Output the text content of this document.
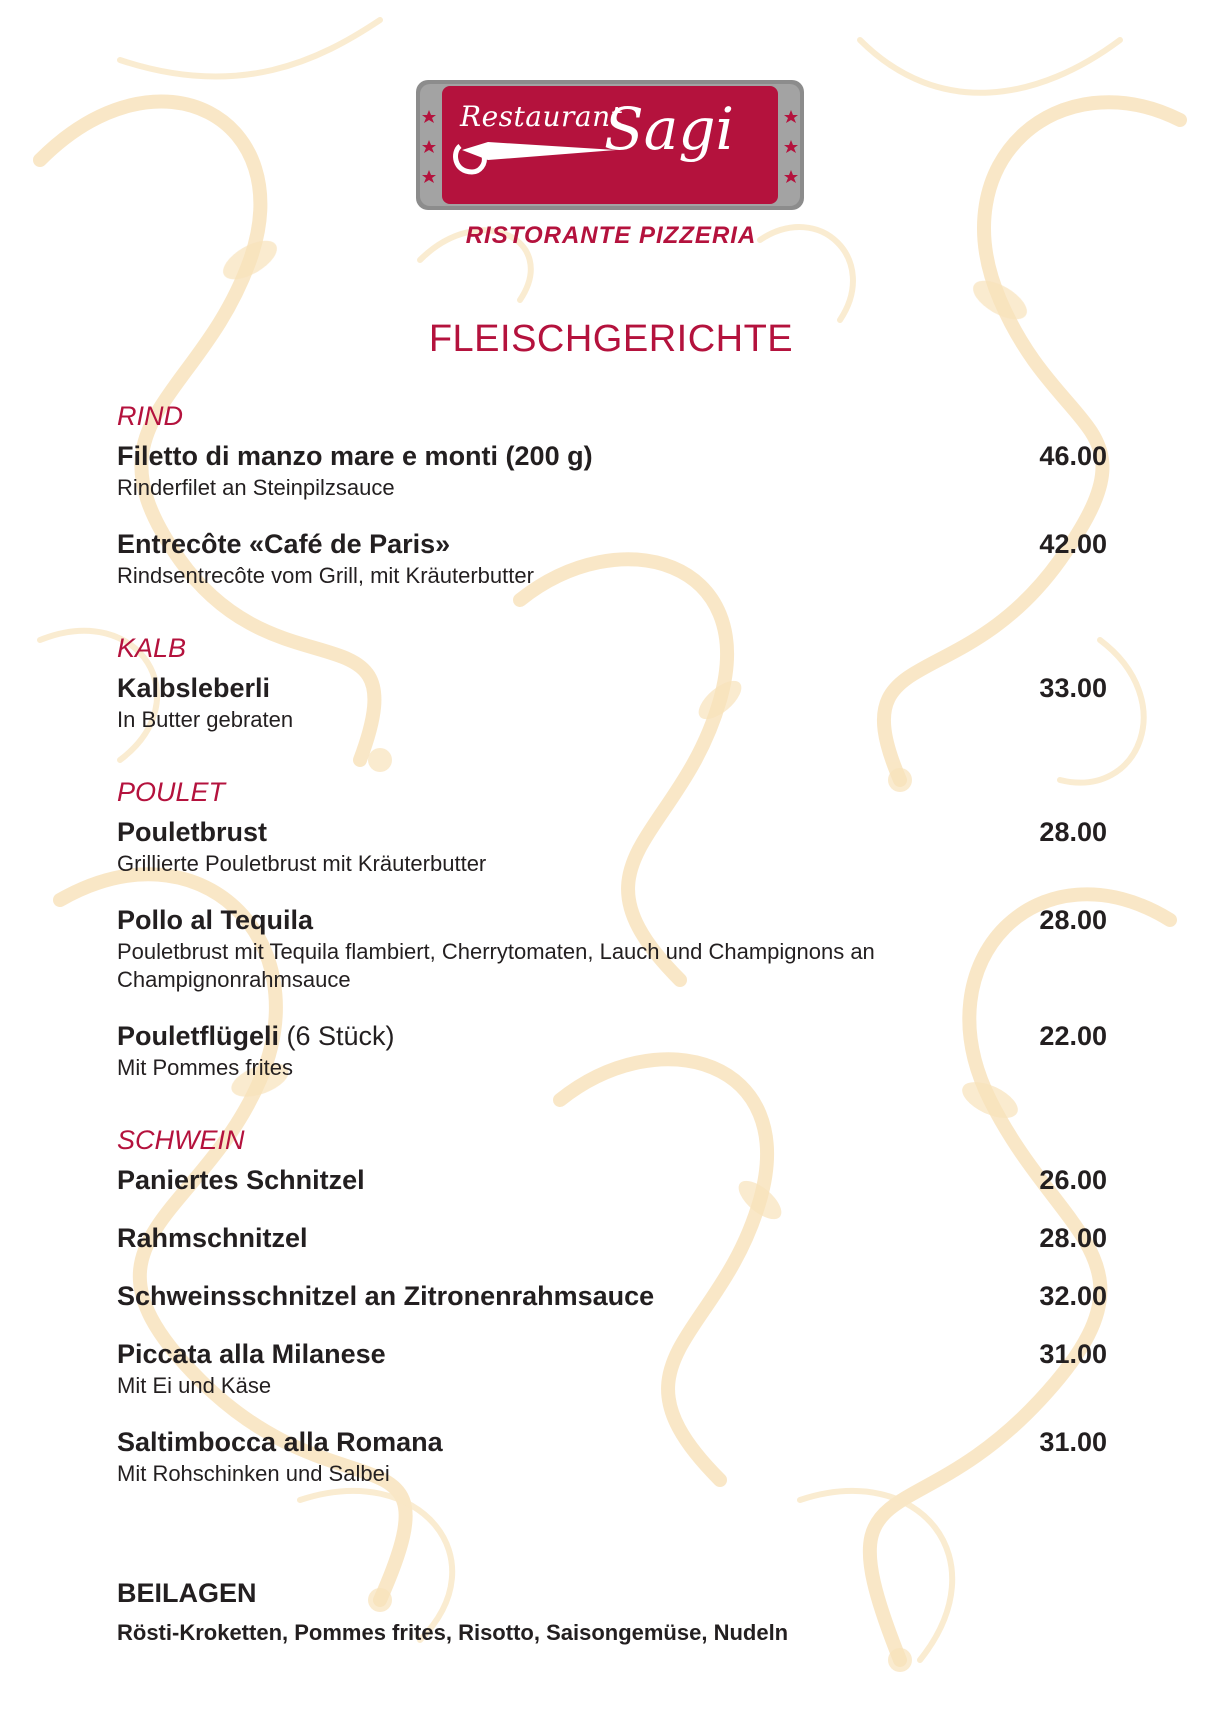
Restaurant
Sagi
RISTORANTE PIZZERIA
FLEISCHGERICHTE
RIND
Filetto di manzo mare e monti (200 g)	46.00
Rinderfilet an Steinpilzsauce
Entrecôte «Café de Paris»	42.00
Rindsentrecôte vom Grill, mit Kräuterbutter
KALB
Kalbsleberli	33.00
In Butter gebraten
POULET
Pouletbrust	28.00
Grillierte Pouletbrust mit Kräuterbutter
Pollo al Tequila	28.00
Pouletbrust mit Tequila flambiert, Cherrytomaten, Lauch und Champignons an Champignonrahmsauce
Pouletflügeli (6 Stück)	22.00
Mit Pommes frites
SCHWEIN
Paniertes Schnitzel	26.00
Rahmschnitzel	28.00
Schweinsschnitzel an Zitronenrahmsauce	32.00
Piccata alla Milanese	31.00
Mit Ei und Käse
Saltimbocca alla Romana	31.00
Mit Rohschinken und Salbei
BEILAGEN
Rösti-Kroketten, Pommes frites, Risotto, Saisongemüse, Nudeln
